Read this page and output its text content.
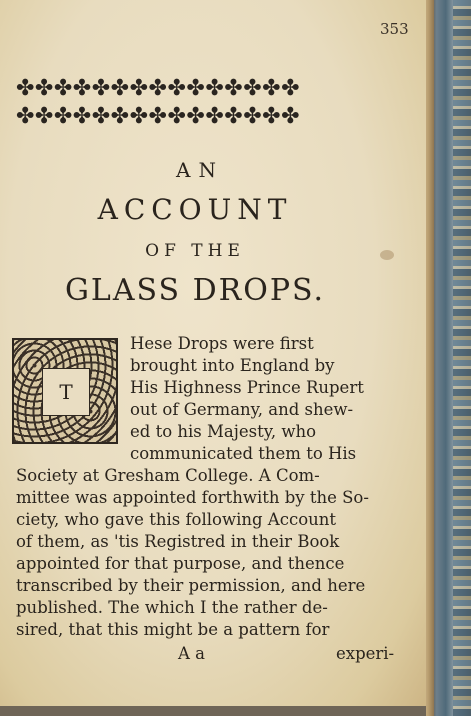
353
✤✤✤✤✤✤✤✤✤✤✤✤✤✤✤
✤✤✤✤✤✤✤✤✤✤✤✤✤✤✤
AN
ACCOUNT
OF THE
GLASS DROPS.
T
Hese Drops were first
brought into England by
His Highness Prince Rupert
out of Germany, and shew-
ed to his Majesty, who
communicated them to His
Society at Gresham College. A Com-
mittee was appointed forthwith by the So-
ciety, who gave this following Account
of them, as 'tis Registred in their Book
appointed for that purpose, and thence
transcribed by their permission, and here
published. The which I the rather de-
sired, that this might be a pattern for
A a	experi-
